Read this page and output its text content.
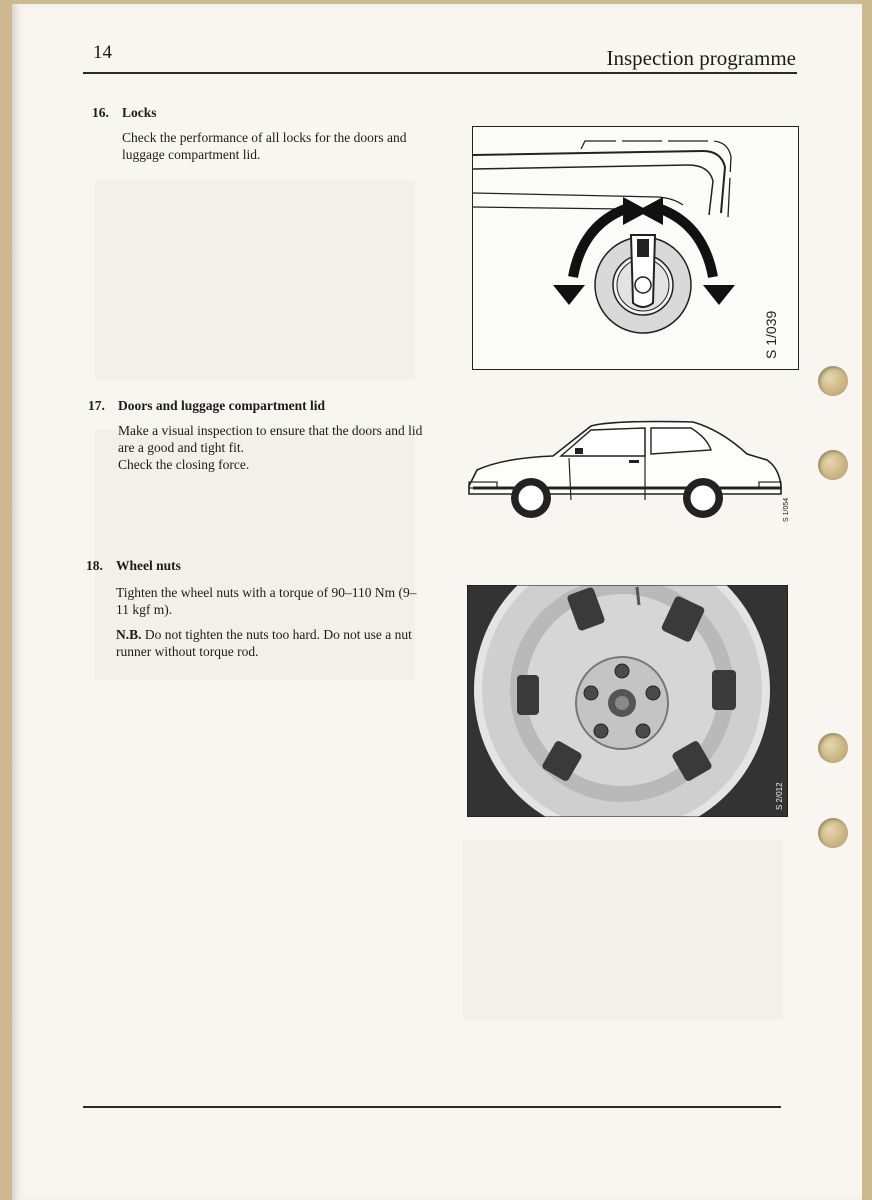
14	Inspection programme

16. Locks

Check the performance of all locks for the doors and luggage compartment lid.

17. Doors and luggage compartment lid

Make a visual inspection to ensure that the doors and lid are a good and tight fit.

Check the closing force.

18. Wheel nuts

Tighten the wheel nuts with a torque of 90–110 Nm (9–11 kgf m).

N.B. Do not tighten the nuts too hard. Do not use a nut runner without torque rod.

S 1/039
S 1/054
S 2/012
